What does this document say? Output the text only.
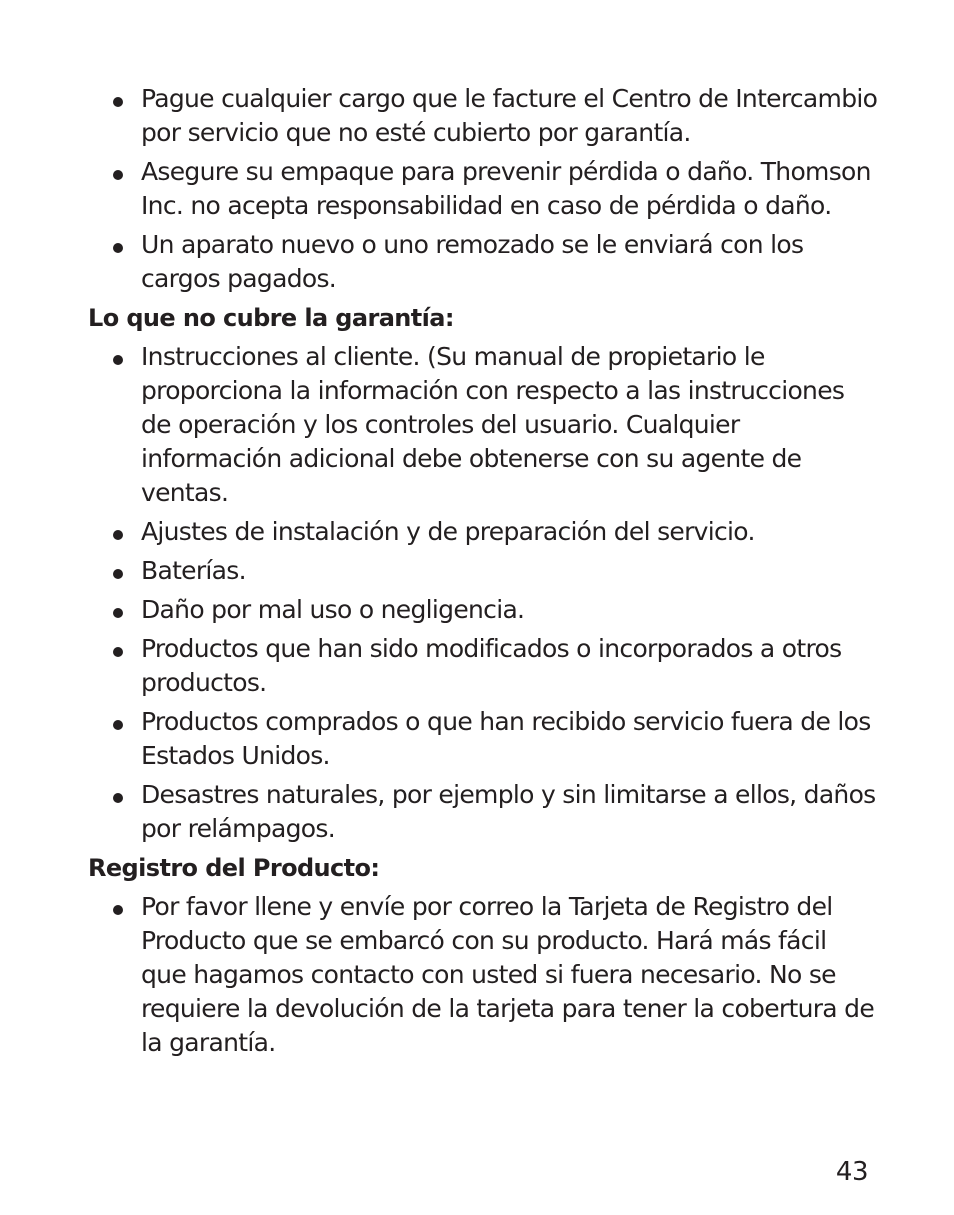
Pague cualquier cargo que le facture el Centro de Intercambio por servicio que no esté cubierto por garantía.
Asegure su empaque para prevenir pérdida o daño. Thomson Inc. no acepta responsabilidad en caso de pérdida o daño.
Un aparato nuevo o uno remozado se le enviará con los cargos pagados.
Lo que no cubre la garantía:
Instrucciones al cliente. (Su manual de propietario le proporciona la información con respecto a las instrucciones de operación y los controles del usuario. Cualquier información adicional debe obtenerse con su agente de ventas.
Ajustes de instalación y de preparación del servicio.
Baterías.
Daño por mal uso o negligencia.
Productos que han sido modificados o incorporados a otros productos.
Productos comprados o que han recibido servicio fuera de los Estados Unidos.
Desastres naturales, por ejemplo y sin limitarse a ellos, daños por relámpagos.
Registro del Producto:
Por favor llene y envíe por correo la Tarjeta de Registro del Producto que se embarcó con su producto. Hará más fácil que hagamos contacto con usted si fuera necesario. No se requiere la devolución de la tarjeta para tener la cobertura de la garantía.
43
